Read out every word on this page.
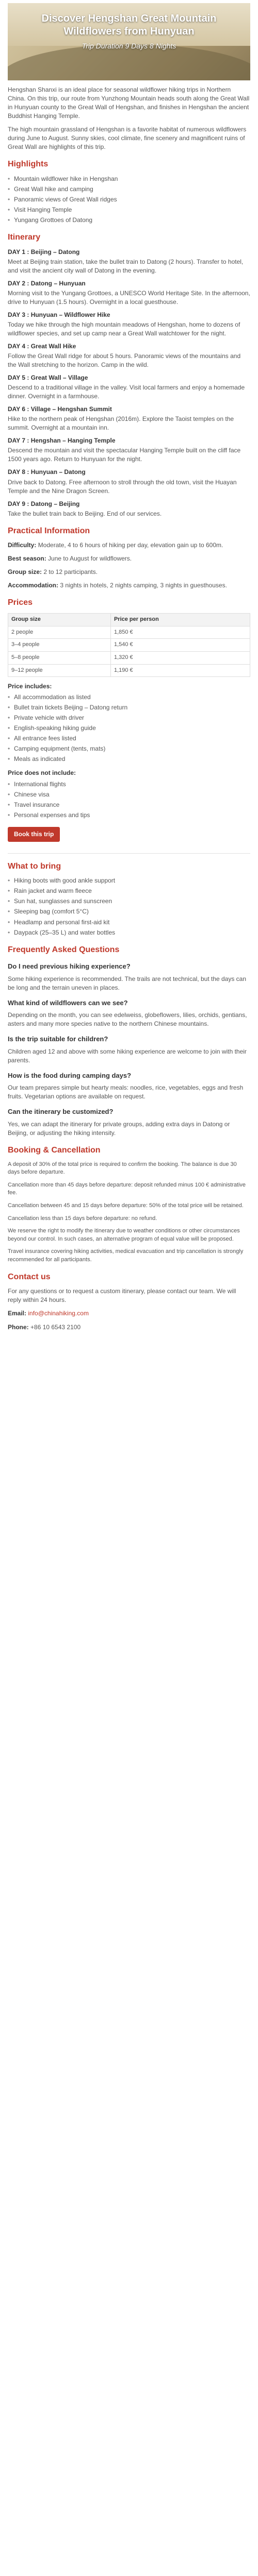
Discover Hengshan Great Mountain Wildflowers from Hunyuan
Trip Duration 9 Days 8 Nights

Hengshan Shanxi is an ideal place for seasonal wildflower hiking trips in Northern China. On this trip, our route from Yunzhong Mountain heads south along the Great Wall in Hunyuan county to the Great Wall of Hengshan, and finishes in Hengshan the ancient Buddhist Hanging Temple.

The high mountain grassland of Hengshan is a favorite habitat of numerous wildflowers during June to August. Sunny skies, cool climate, fine scenery and magnificent ruins of Great Wall are highlights of this trip.

Highlights
• Mountain wildflower hike in Hengshan
• Great Wall hike and camping
• Panoramic views of Great Wall ridges
• Visit Hanging Temple
• Yungang Grottoes of Datong
Itinerary
DAY 1 : Beijing – Datong
Meet at Beijing train station, take the bullet train to Datong (2 hours). Transfer to hotel, and visit the ancient city wall of Datong in the evening.
DAY 2 : Datong – Hunyuan
Morning visit to the Yungang Grottoes, a UNESCO World Heritage Site. In the afternoon, drive to Hunyuan (1.5 hours). Overnight in a local guesthouse.
DAY 3 : Hunyuan – Wildflower Hike
Today we hike through the high mountain meadows of Hengshan, home to dozens of wildflower species, and set up camp near a Great Wall watchtower for the night.
DAY 4 : Great Wall Hike
Follow the Great Wall ridge for about 5 hours. Panoramic views of the mountains and the Wall stretching to the horizon. Camp in the wild.
DAY 5 : Great Wall – Village
Descend to a traditional village in the valley. Visit local farmers and enjoy a homemade dinner. Overnight in a farmhouse.
DAY 6 : Village – Hengshan Summit
Hike to the northern peak of Hengshan (2016m). Explore the Taoist temples on the summit. Overnight at a mountain inn.
DAY 7 : Hengshan – Hanging Temple
Descend the mountain and visit the spectacular Hanging Temple built on the cliff face 1500 years ago. Return to Hunyuan for the night.
DAY 8 : Hunyuan – Datong
Drive back to Datong. Free afternoon to stroll through the old town, visit the Huayan Temple and the Nine Dragon Screen.
DAY 9 : Datong – Beijing
Take the bullet train back to Beijing. End of our services.
Practical Information

Difficulty: Moderate, 4 to 6 hours of hiking per day, elevation gain up to 600m.

Best season: June to August for wildflowers.

Group size: 2 to 12 participants.

Accommodation: 3 nights in hotels, 2 nights camping, 3 nights in guesthouses.

Prices
Group size	Price per person
2 people	1,850 €
3–4 people	1,540 €
5–8 people	1,320 €
9–12 people	1,190 €
Price includes:
• All accommodation as listed
• Bullet train tickets Beijing – Datong return
• Private vehicle with driver
• English-speaking hiking guide
• All entrance fees listed
• Camping equipment (tents, mats)
• Meals as indicated
Price does not include:
• International flights
• Chinese visa
• Travel insurance
• Personal expenses and tips
Book this trip
What to bring
• Hiking boots with good ankle support
• Rain jacket and warm fleece
• Sun hat, sunglasses and sunscreen
• Sleeping bag (comfort 5°C)
• Headlamp and personal first-aid kit
• Daypack (25–35 L) and water bottles
Frequently Asked Questions
Do I need previous hiking experience?

Some hiking experience is recommended. The trails are not technical, but the days can be long and the terrain uneven in places.

What kind of wildflowers can we see?

Depending on the month, you can see edelweiss, globeflowers, lilies, orchids, gentians, asters and many more species native to the northern Chinese mountains.

Is the trip suitable for children?

Children aged 12 and above with some hiking experience are welcome to join with their parents.

How is the food during camping days?

Our team prepares simple but hearty meals: noodles, rice, vegetables, eggs and fresh fruits. Vegetarian options are available on request.

Can the itinerary be customized?

Yes, we can adapt the itinerary for private groups, adding extra days in Datong or Beijing, or adjusting the hiking intensity.

Booking & Cancellation

A deposit of 30% of the total price is required to confirm the booking. The balance is due 30 days before departure.

Cancellation more than 45 days before departure: deposit refunded minus 100 € administrative fee.

Cancellation between 45 and 15 days before departure: 50% of the total price will be retained.

Cancellation less than 15 days before departure: no refund.

We reserve the right to modify the itinerary due to weather conditions or other circumstances beyond our control. In such cases, an alternative program of equal value will be proposed.

Travel insurance covering hiking activities, medical evacuation and trip cancellation is strongly recommended for all participants.

Contact us

For any questions or to request a custom itinerary, please contact our team. We will reply within 24 hours.

Email: info@chinahiking.com

Phone: +86 10 6543 2100
